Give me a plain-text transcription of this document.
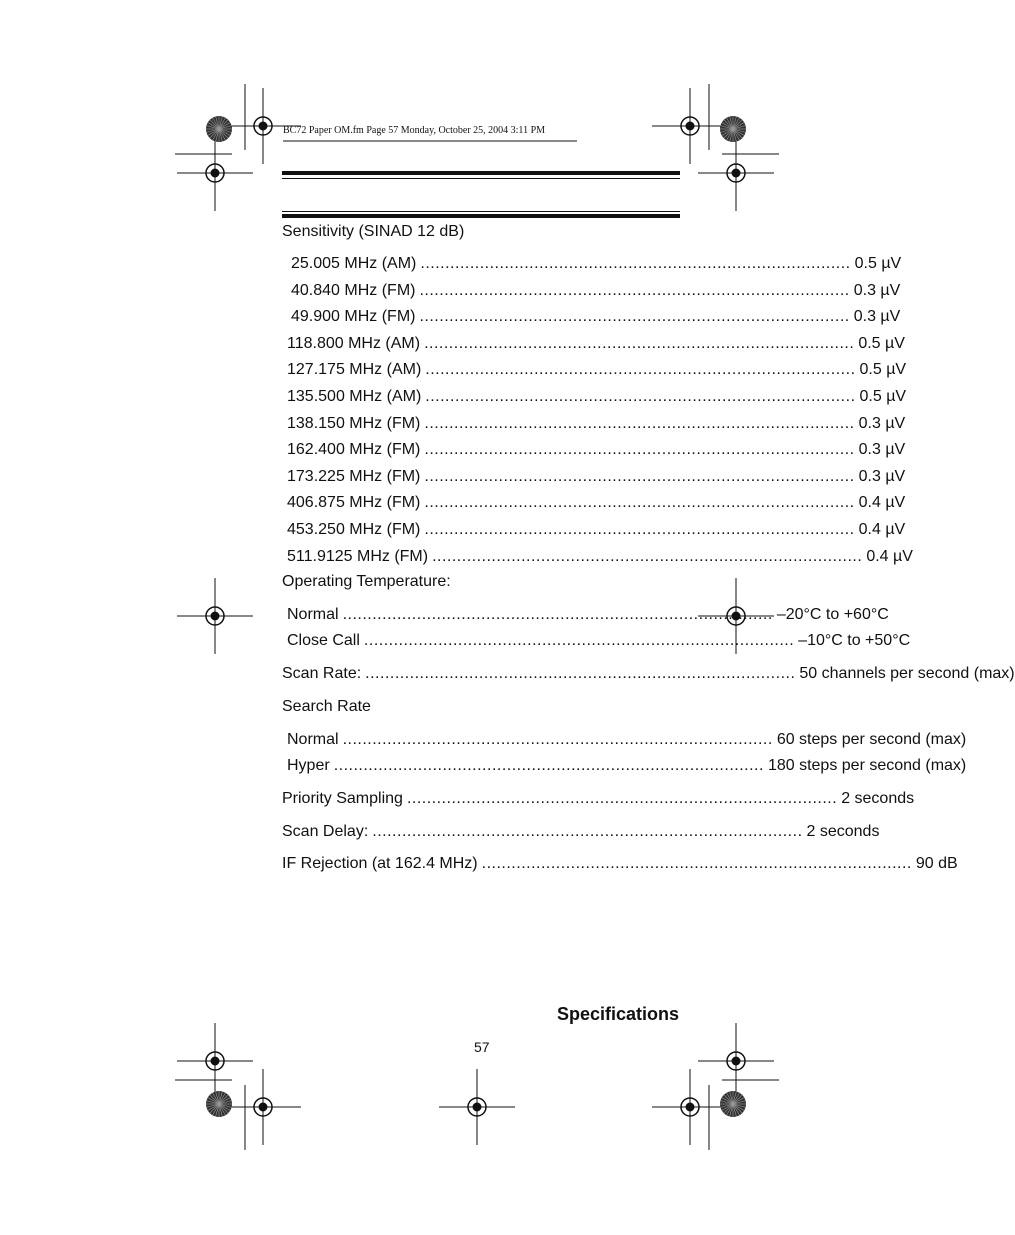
BC72 Paper OM.fm Page 57 Monday, October 25, 2004 3:11 PM
Sensitivity (SINAD 12 dB)
25.005 MHz (AM) ....................................................................................... 0.5 µV
40.840 MHz (FM) ....................................................................................... 0.3 µV
49.900 MHz (FM) ....................................................................................... 0.3 µV
118.800 MHz (AM) ....................................................................................... 0.5 µV
127.175 MHz (AM) ....................................................................................... 0.5 µV
135.500 MHz (AM) ....................................................................................... 0.5 µV
138.150 MHz (FM) ....................................................................................... 0.3 µV
162.400 MHz (FM) ....................................................................................... 0.3 µV
173.225 MHz (FM) ....................................................................................... 0.3 µV
406.875 MHz (FM) ....................................................................................... 0.4 µV
453.250 MHz (FM) ....................................................................................... 0.4 µV
511.9125 MHz (FM) ....................................................................................... 0.4 µV
Operating Temperature:
Normal ....................................................................................... –20°C to +60°C
Close Call ....................................................................................... –10°C to +50°C
Scan Rate: ....................................................................................... 50 channels per second (max)
Search Rate
Normal ....................................................................................... 60 steps per second (max)
Hyper ....................................................................................... 180 steps per second (max)
Priority Sampling ....................................................................................... 2 seconds
Scan Delay: ....................................................................................... 2 seconds
IF Rejection (at 162.4 MHz) ....................................................................................... 90 dB
Specifications
57
